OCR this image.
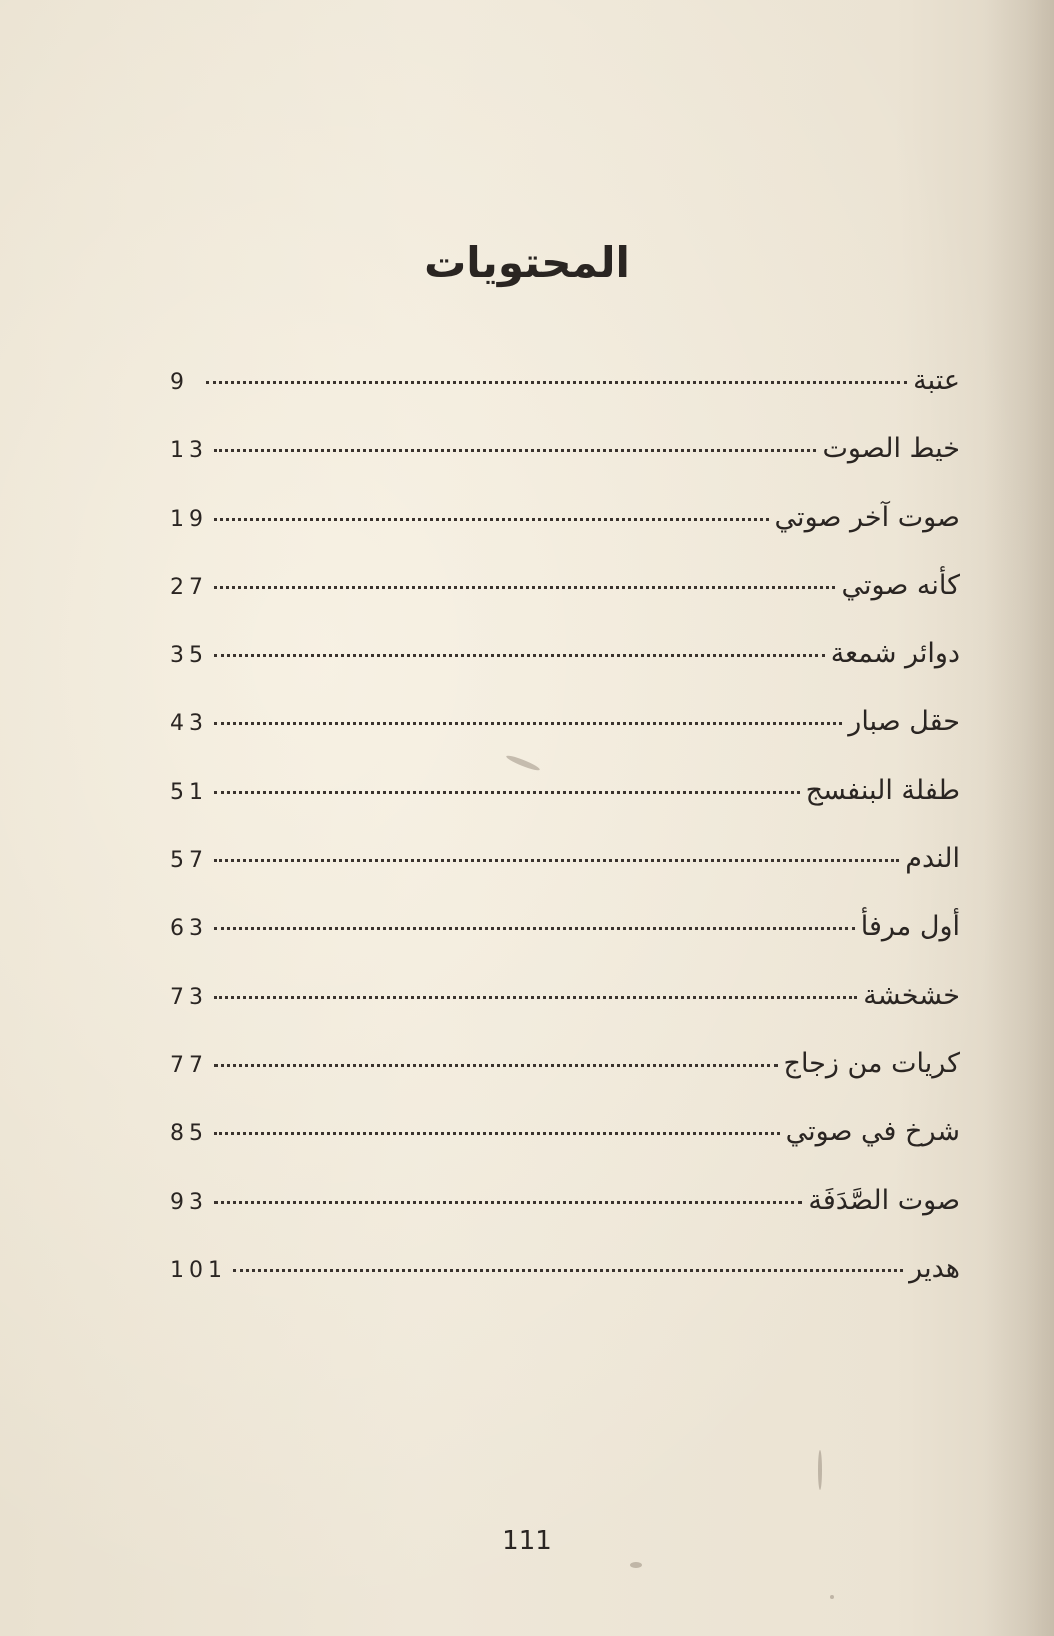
المحتويات
عتبة
9
خيط الصوت
13
صوت آخر صوتي
19
كأنه صوتي
27
دوائر شمعة
35
حقل صبار
43
طفلة البنفسج
51
الندم
57
أول مرفأ
63
خشخشة
73
كريات من زجاج
77
شرخ في صوتي
85
صوت الصَّدَفَة
93
هدير
101
111
